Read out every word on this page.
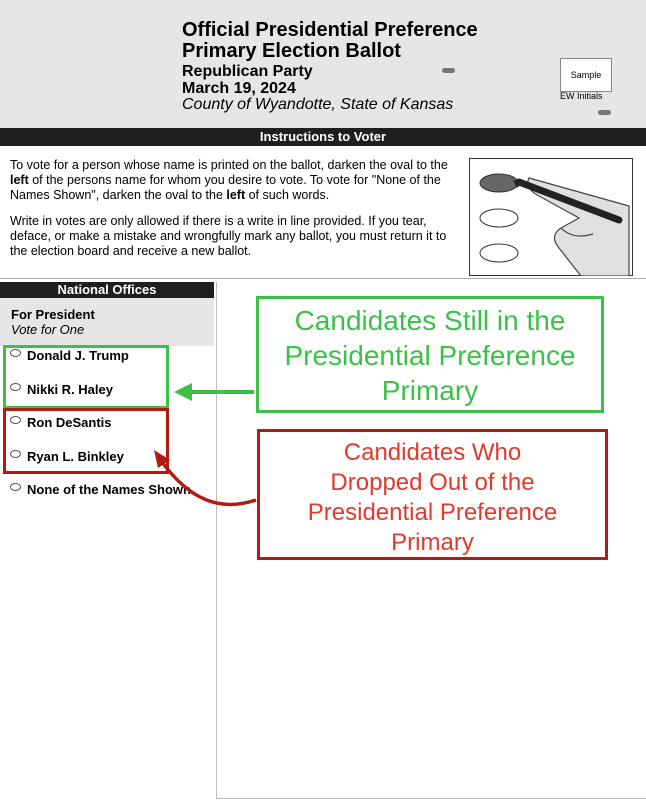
Official Presidential Preference
Primary Election Ballot
Republican Party
March 19, 2024
County of Wyandotte, State of Kansas
Sample
EW Initials
Instructions to Voter
To vote for a person whose name is printed on the ballot, darken the oval to the left of the persons name for whom you desire to vote. To vote for "None of the Names Shown", darken the oval to the left of such words.
Write in votes are only allowed if there is a write in line provided. If you tear, deface, or make a mistake and wrongfully mark any ballot, you must return it to the election board and receive a new ballot.
National Offices
For President
Vote for One
Donald J. Trump
Nikki R. Haley
Ron DeSantis
Ryan L. Binkley
None of the Names Shown
Candidates Still in the
Presidential Preference
Primary
Candidates Who
Dropped Out of the
Presidential Preference
Primary
